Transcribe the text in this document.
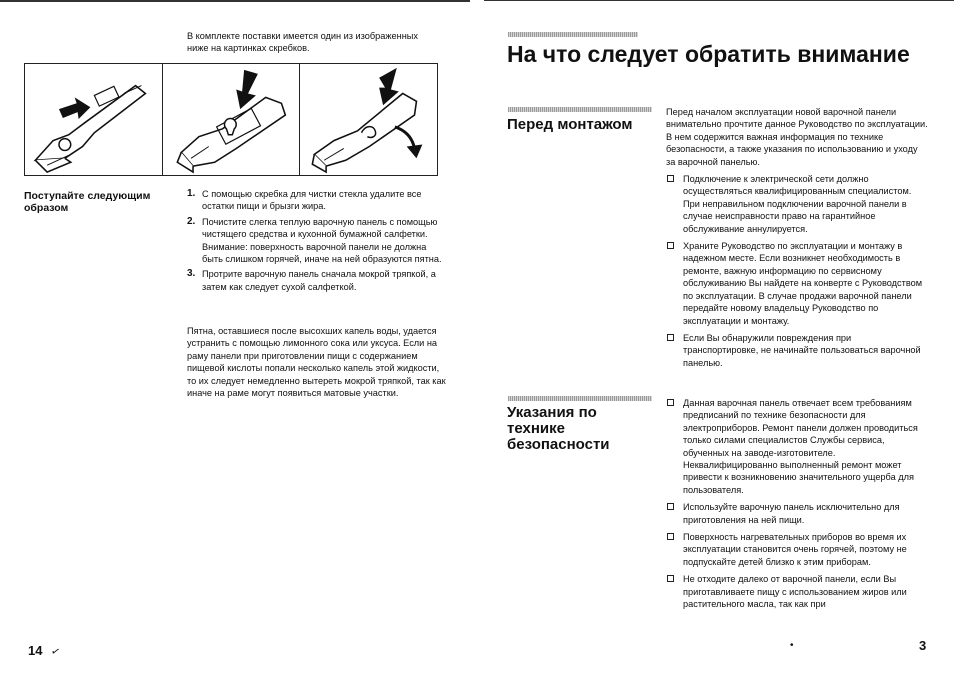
В комплекте поставки имеется один из изображенных ниже на картинках скребков.
Поступайте следующим образом
1. С помощью скребка для чистки стекла удалите все остатки пищи и брызги жира.
2. Почистите слегка теплую варочную панель с помощью чистящего средства и кухонной бумажной салфетки. Внимание: поверхность варочной панели не должна быть слишком горячей, иначе на ней образуются пятна.
3. Протрите варочную панель сначала мокрой тряпкой, а затем как следует сухой салфеткой.
Пятна, оставшиеся после высохших капель воды, удается устранить с помощью лимонного сока или уксуса. Если на раму панели при приготовлении пищи с содержанием пищевой кислоты попали несколько капель этой жидкости, то их следует немедленно вытереть мокрой тряпкой, так как иначе на раме могут появиться матовые участки.
14 ✓
На что следует обратить внимание
Перед монтажом
Перед началом эксплуатации новой варочной панели внимательно прочтите данное Руководство по эксплуатации. В нем содержится важная информация по технике безопасности, а также указания по использованию и уходу за варочной панелью.
Подключение к электрической сети должно осуществляться квалифицированным специалистом. При неправильном подключении варочной панели в случае неисправности право на гарантийное обслуживание аннулируется.
Храните Руководство по эксплуатации и монтажу в надежном месте. Если возникнет необходимость в ремонте, важную информацию по сервисному обслуживанию Вы найдете на конверте с Руководством по эксплуатации. В случае продажи варочной панели передайте новому владельцу Руководство по эксплуатации и монтажу.
Если Вы обнаружили повреждения при транспортировке, не начинайте пользоваться варочной панелью.
Указания по технике безопасности
Данная варочная панель отвечает всем требованиям предписаний по технике безопасности для электроприборов. Ремонт панели должен проводиться только силами специалистов Службы сервиса, обученных на заводе-изготовителе. Неквалифицированно выполненный ремонт может привести к возникновению значительного ущерба для пользователя.
Используйте варочную панель исключительно для приготовления на ней пищи.
Поверхность нагревательных приборов во время их эксплуатации становится очень горячей, поэтому не подпускайте детей близко к этим приборам.
Не отходите далеко от варочной панели, если Вы приготавливаете пищу с использованием жиров или растительного масла, так как при
•	3
